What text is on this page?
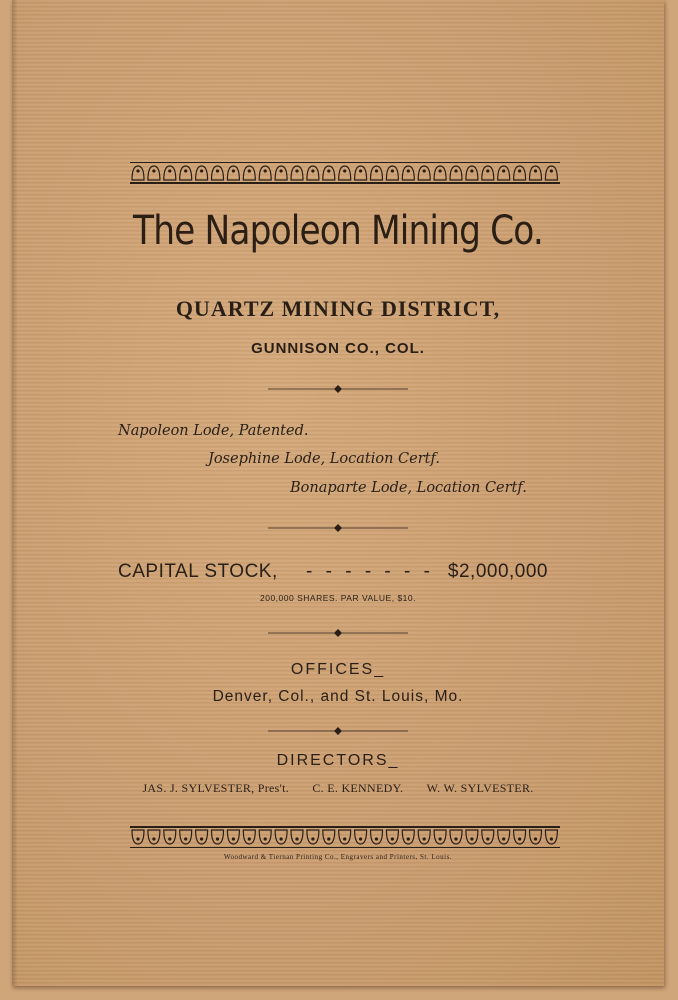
The Napoleon Mining Co.
QUARTZ MINING DISTRICT,
GUNNISON CO., COL.
Napoleon Lode, Patented.
Josephine Lode, Location Certf.
Bonaparte Lode, Location Certf.
CAPITAL STOCK, - - - - - - - $2,000,000
200,000 SHARES. PAR VALUE, $10.
OFFICES_
Denver, Col., and St. Louis, Mo.
DIRECTORS_
JAS. J. SYLVESTER, Pres't. C. E. KENNEDY. W. W. SYLVESTER.
Woodward & Tiernan Printing Co., Engravers and Printers, St. Louis.
